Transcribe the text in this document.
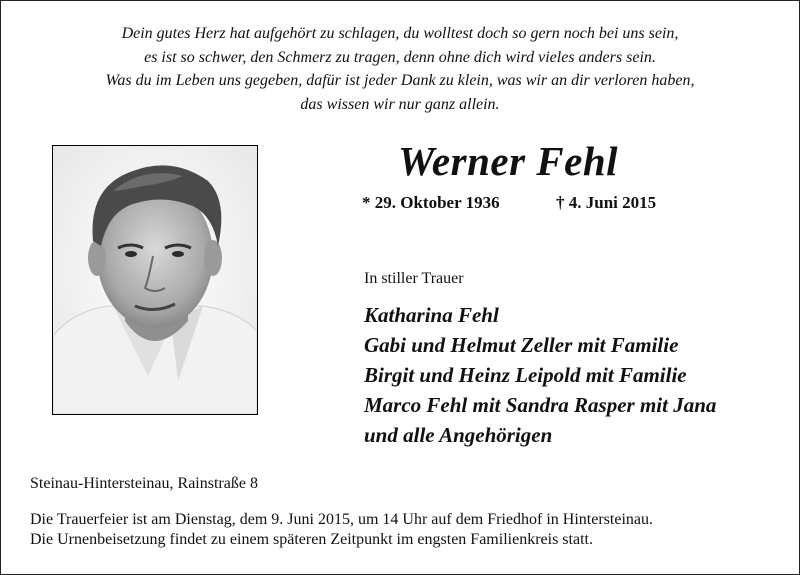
Dein gutes Herz hat aufgehört zu schlagen, du wolltest doch so gern noch bei uns sein,
es ist so schwer, den Schmerz zu tragen, denn ohne dich wird vieles anders sein.
Was du im Leben uns gegeben, dafür ist jeder Dank zu klein, was wir an dir verloren haben,
das wissen wir nur ganz allein.
Werner Fehl
* 29. Oktober 1936	† 4. Juni 2015
In stiller Trauer
Katharina Fehl
Gabi und Helmut Zeller mit Familie
Birgit und Heinz Leipold mit Familie
Marco Fehl mit Sandra Rasper mit Jana
und alle Angehörigen
Steinau-Hintersteinau, Rainstraße 8
Die Trauerfeier ist am Dienstag, dem 9. Juni 2015, um 14 Uhr auf dem Friedhof in Hintersteinau.
Die Urnenbeisetzung findet zu einem späteren Zeitpunkt im engsten Familienkreis statt.
